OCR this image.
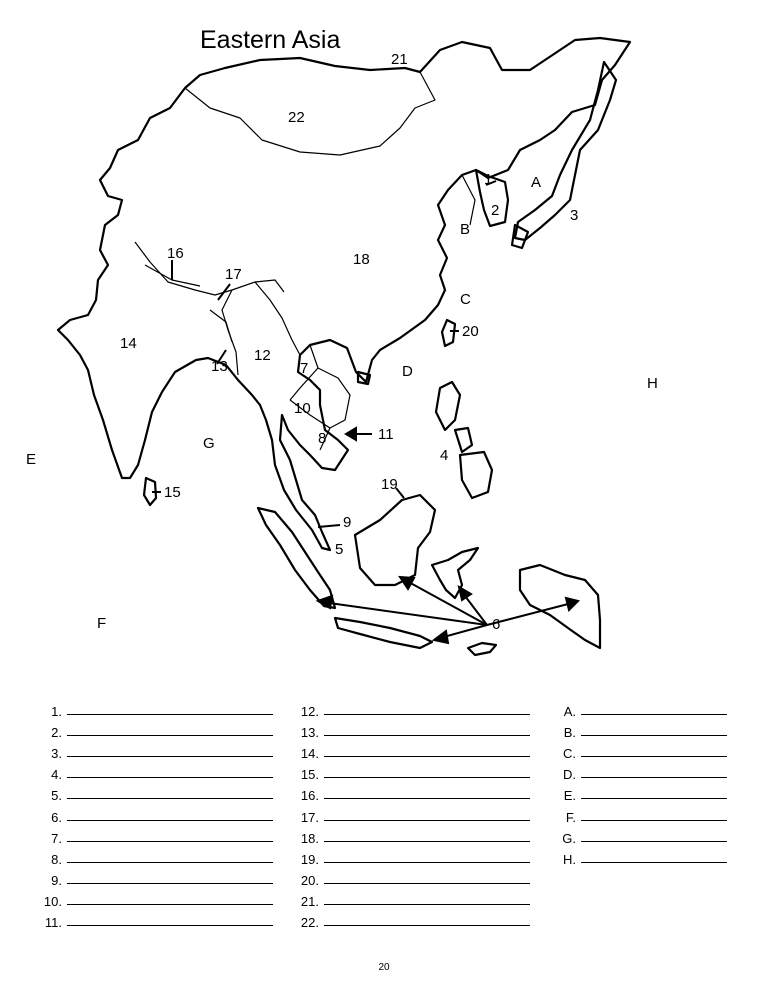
Eastern Asia
21
22
1	A
2	3
B
16	18
17
C
20
14
12
13	7	D
H
10
11
8
G
4
E
19
15
9
5
6
F
1.
2.
3.
4.
5.
6.
7.
8.
9.
10.
11.
12.
13.
14.
15.
16.
17.
18.
19.
20.
21.
22.
A.
B.
C.
D.
E.
F.
G.
H.
20
